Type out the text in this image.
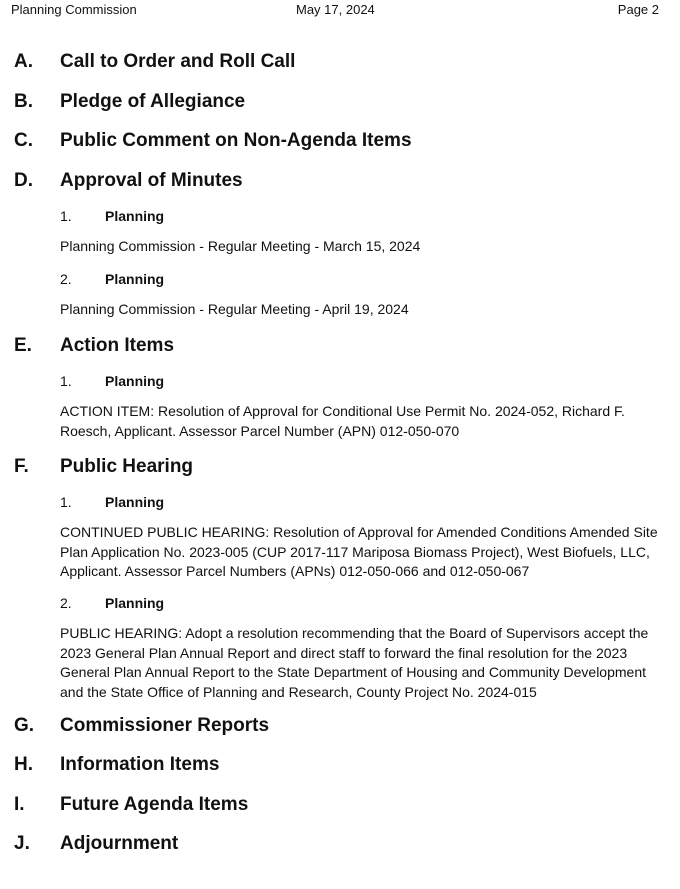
Planning Commission	May 17, 2024	Page 2
A. Call to Order and Roll Call
B. Pledge of Allegiance
C. Public Comment on Non-Agenda Items
D. Approval of Minutes
1. Planning
Planning Commission - Regular Meeting - March 15, 2024
2. Planning
Planning Commission - Regular Meeting - April 19, 2024
E. Action Items
1. Planning
ACTION ITEM: Resolution of Approval for Conditional Use Permit No. 2024-052, Richard F. Roesch, Applicant. Assessor Parcel Number (APN) 012-050-070
F. Public Hearing
1. Planning
CONTINUED PUBLIC HEARING: Resolution of Approval for Amended Conditions Amended Site Plan Application No. 2023-005 (CUP 2017-117 Mariposa Biomass Project), West Biofuels, LLC, Applicant. Assessor Parcel Numbers (APNs) 012-050-066 and 012-050-067
2. Planning
PUBLIC HEARING: Adopt a resolution recommending that the Board of Supervisors accept the 2023 General Plan Annual Report and direct staff to forward the final resolution for the 2023 General Plan Annual Report to the State Department of Housing and Community Development and the State Office of Planning and Research, County Project No. 2024-015
G. Commissioner Reports
H. Information Items
I. Future Agenda Items
J. Adjournment
